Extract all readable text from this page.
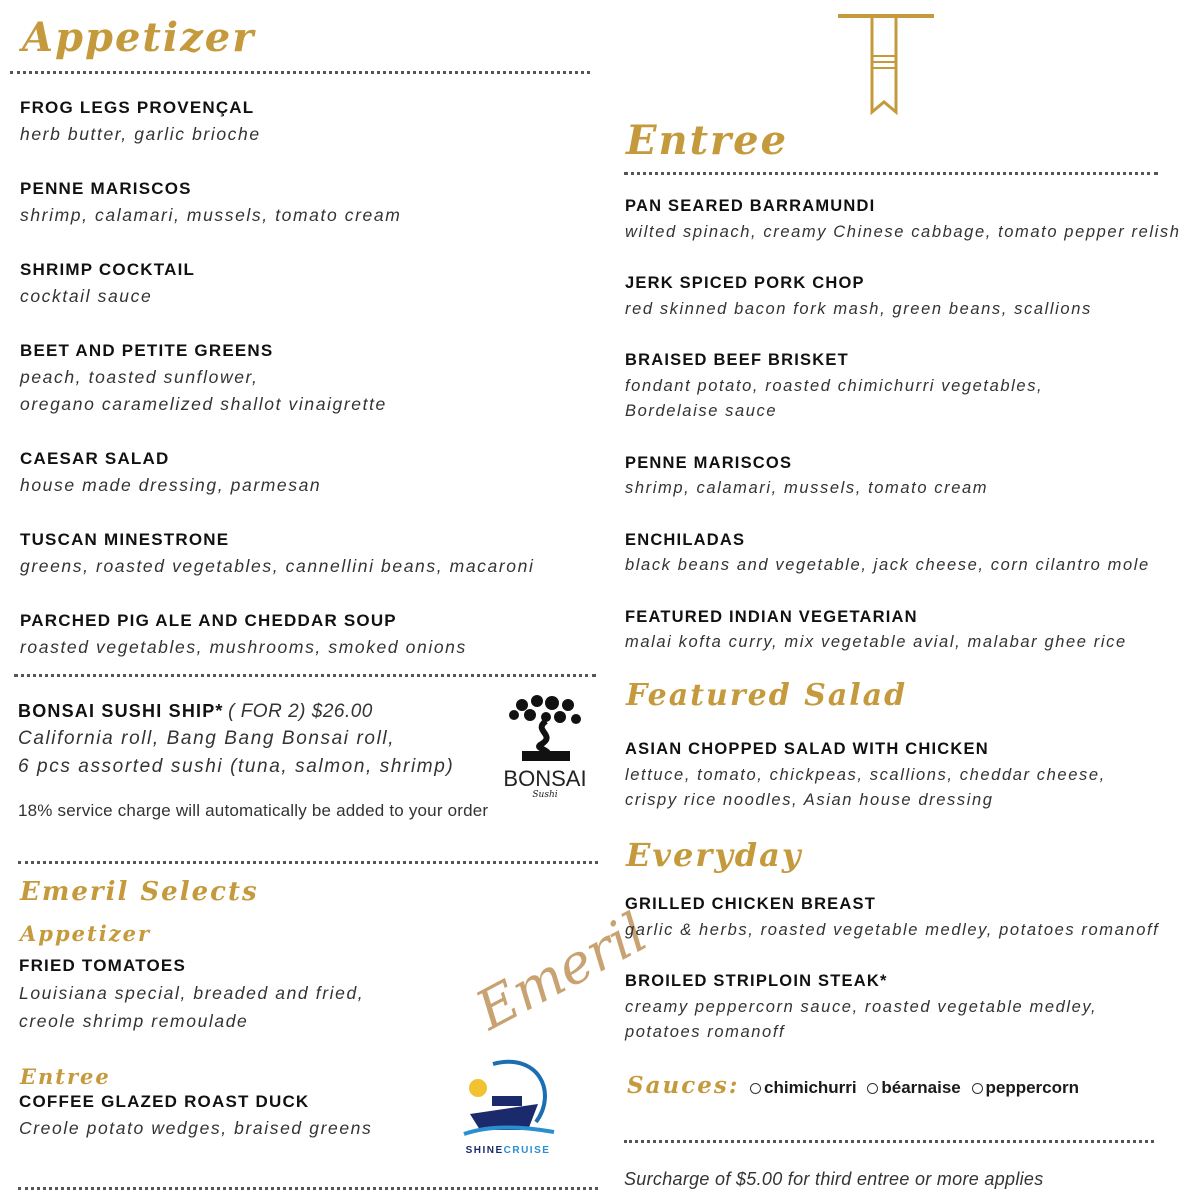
Appetizer
FROG LEGS PROVENÇAL
herb butter, garlic brioche
PENNE MARISCOS
shrimp, calamari, mussels, tomato cream
SHRIMP COCKTAIL
cocktail sauce
BEET AND PETITE GREENS
peach, toasted sunflower,
oregano caramelized shallot vinaigrette
CAESAR SALAD
house made dressing, parmesan
TUSCAN MINESTRONE
greens, roasted vegetables, cannellini beans, macaroni
PARCHED PIG ALE AND CHEDDAR SOUP
roasted vegetables, mushrooms, smoked onions
BONSAI SUSHI SHIP* ( FOR 2) $26.00
California roll, Bang Bang Bonsai roll,
6 pcs assorted sushi (tuna, salmon, shrimp)
18% service charge will automatically be added to your order
BONSAI
Sushi
Emeril Selects
Appetizer
FRIED TOMATOES
Louisiana special, breaded and fried,
creole shrimp remoulade
Entree
COFFEE GLAZED ROAST DUCK
Creole potato wedges, braised greens
Emeril
SHINECRUISE
Entree
PAN SEARED BARRAMUNDI
wilted spinach, creamy Chinese cabbage, tomato pepper relish
JERK SPICED PORK CHOP
red skinned bacon fork mash, green beans, scallions
BRAISED BEEF BRISKET
fondant potato, roasted chimichurri vegetables,
Bordelaise sauce
PENNE MARISCOS
shrimp, calamari, mussels, tomato cream
ENCHILADAS
black beans and vegetable, jack cheese, corn cilantro mole
FEATURED INDIAN VEGETARIAN
malai kofta curry, mix vegetable avial, malabar ghee rice
Featured Salad
ASIAN CHOPPED SALAD WITH CHICKEN
lettuce, tomato, chickpeas, scallions, cheddar cheese,
crispy rice noodles, Asian house dressing
Everyday
GRILLED CHICKEN BREAST
garlic & herbs, roasted vegetable medley, potatoes romanoff
BROILED STRIPLOIN STEAK*
creamy peppercorn sauce, roasted vegetable medley,
potatoes romanoff
Sauces: chimichurri béarnaise peppercorn
Surcharge of $5.00 for third entree or more applies
